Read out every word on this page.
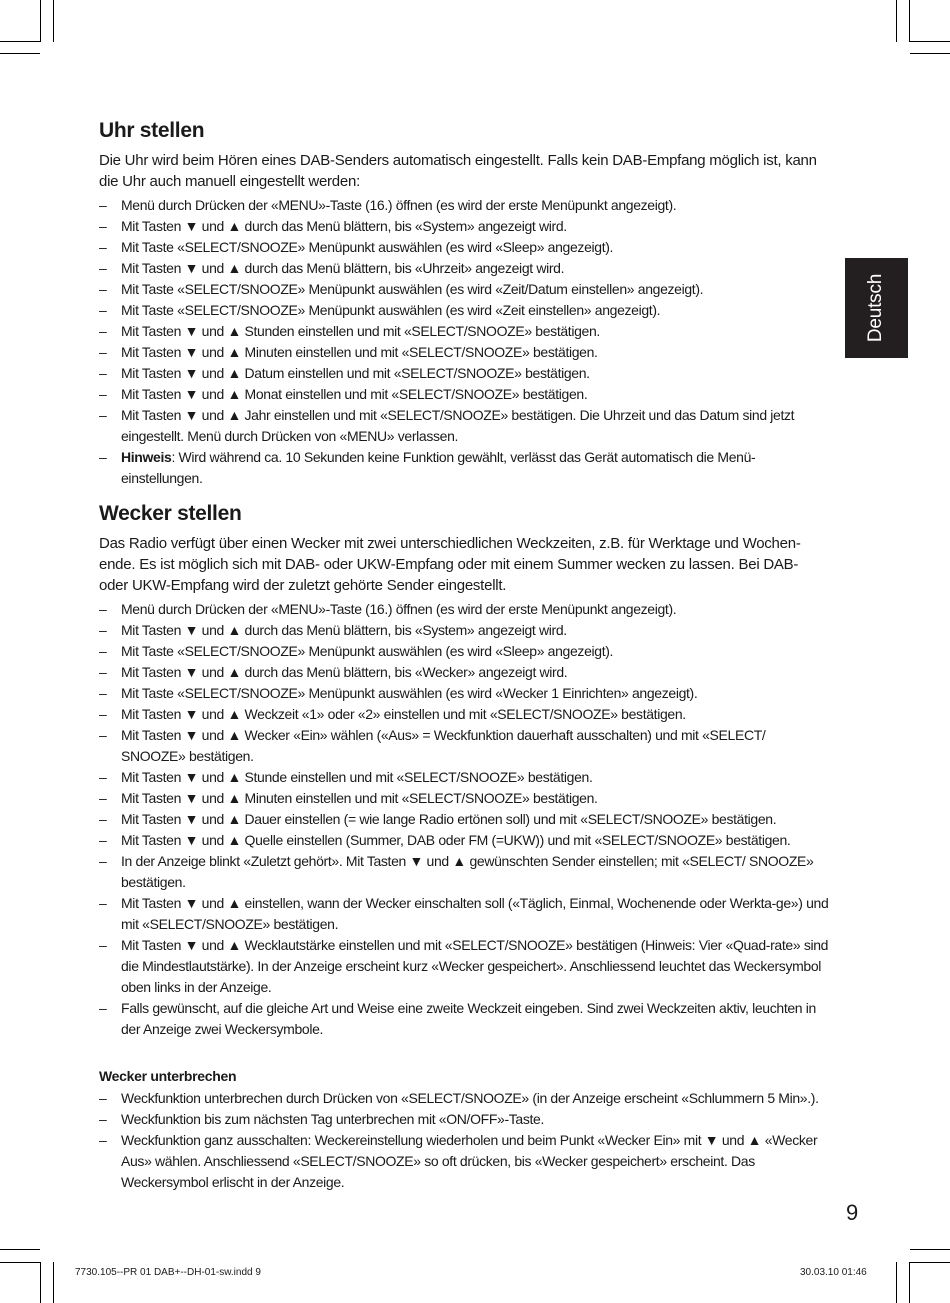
Uhr stellen

Die Uhr wird beim Hören eines DAB-Senders automatisch eingestellt. Falls kein DAB-Empfang möglich ist, kann die Uhr auch manuell eingestellt werden:

– Menü durch Drücken der «MENU»-Taste (16.) öffnen (es wird der erste Menüpunkt angezeigt).
– Mit Tasten ▼ und ▲ durch das Menü blättern, bis «System» angezeigt wird.
– Mit Taste «SELECT/SNOOZE» Menüpunkt auswählen (es wird «Sleep» angezeigt).
– Mit Tasten ▼ und ▲ durch das Menü blättern, bis «Uhrzeit» angezeigt wird.
– Mit Taste «SELECT/SNOOZE» Menüpunkt auswählen (es wird «Zeit/Datum einstellen» angezeigt).
– Mit Taste «SELECT/SNOOZE» Menüpunkt auswählen (es wird «Zeit einstellen» angezeigt).
– Mit Tasten ▼ und ▲ Stunden einstellen und mit «SELECT/SNOOZE» bestätigen.
– Mit Tasten ▼ und ▲ Minuten einstellen und mit «SELECT/SNOOZE» bestätigen.
– Mit Tasten ▼ und ▲ Datum einstellen und mit «SELECT/SNOOZE» bestätigen.
– Mit Tasten ▼ und ▲ Monat einstellen und mit «SELECT/SNOOZE» bestätigen.
– Mit Tasten ▼ und ▲ Jahr einstellen und mit «SELECT/SNOOZE» bestätigen. Die Uhrzeit und das Datum sind jetzt eingestellt. Menü durch Drücken von «MENU» verlassen.
– Hinweis: Wird während ca. 10 Sekunden keine Funktion gewählt, verlässt das Gerät automatisch die Menü-einstellungen.
Wecker stellen

Das Radio verfügt über einen Wecker mit zwei unterschiedlichen Weckzeiten, z.B. für Werktage und Wochen-ende. Es ist möglich sich mit DAB- oder UKW-Empfang oder mit einem Summer wecken zu lassen. Bei DAB- oder UKW-Empfang wird der zuletzt gehörte Sender eingestellt.

– Menü durch Drücken der «MENU»-Taste (16.) öffnen (es wird der erste Menüpunkt angezeigt).
– Mit Tasten ▼ und ▲ durch das Menü blättern, bis «System» angezeigt wird.
– Mit Taste «SELECT/SNOOZE» Menüpunkt auswählen (es wird «Sleep» angezeigt).
– Mit Tasten ▼ und ▲ durch das Menü blättern, bis «Wecker» angezeigt wird.
– Mit Taste «SELECT/SNOOZE» Menüpunkt auswählen (es wird «Wecker 1 Einrichten» angezeigt).
– Mit Tasten ▼ und ▲ Weckzeit «1» oder «2» einstellen und mit «SELECT/SNOOZE» bestätigen.
– Mit Tasten ▼ und ▲ Wecker «Ein» wählen («Aus» = Weckfunktion dauerhaft ausschalten) und mit «SELECT/ SNOOZE» bestätigen.
– Mit Tasten ▼ und ▲ Stunde einstellen und mit «SELECT/SNOOZE» bestätigen.
– Mit Tasten ▼ und ▲ Minuten einstellen und mit «SELECT/SNOOZE» bestätigen.
– Mit Tasten ▼ und ▲ Dauer einstellen (= wie lange Radio ertönen soll) und mit «SELECT/SNOOZE» bestätigen.
– Mit Tasten ▼ und ▲ Quelle einstellen (Summer, DAB oder FM (=UKW)) und mit «SELECT/SNOOZE» bestätigen.
– In der Anzeige blinkt «Zuletzt gehört». Mit Tasten ▼ und ▲ gewünschten Sender einstellen; mit «SELECT/ SNOOZE» bestätigen.
– Mit Tasten ▼ und ▲ einstellen, wann der Wecker einschalten soll («Täglich, Einmal, Wochenende oder Werkta-ge») und mit «SELECT/SNOOZE» bestätigen.
– Mit Tasten ▼ und ▲ Wecklautstärke einstellen und mit «SELECT/SNOOZE» bestätigen (Hinweis: Vier «Quad-rate» sind die Mindestlautstärke). In der Anzeige erscheint kurz «Wecker gespeichert». Anschliessend leuchtet das Weckersymbol oben links in der Anzeige.
– Falls gewünscht, auf die gleiche Art und Weise eine zweite Weckzeit eingeben. Sind zwei Weckzeiten aktiv, leuchten in der Anzeige zwei Weckersymbole.
Wecker unterbrechen
– Weckfunktion unterbrechen durch Drücken von «SELECT/SNOOZE» (in der Anzeige erscheint «Schlummern 5 Min».).
– Weckfunktion bis zum nächsten Tag unterbrechen mit «ON/OFF»-Taste.
– Weckfunktion ganz ausschalten: Weckereinstellung wiederholen und beim Punkt «Wecker Ein» mit ▼ und ▲ «Wecker Aus» wählen. Anschliessend «SELECT/SNOOZE» so oft drücken, bis «Wecker gespeichert» erscheint. Das Weckersymbol erlischt in der Anzeige.
Deutsch
9
7730.105--PR 01 DAB+--DH-01-sw.indd 9	30.03.10 01:46
